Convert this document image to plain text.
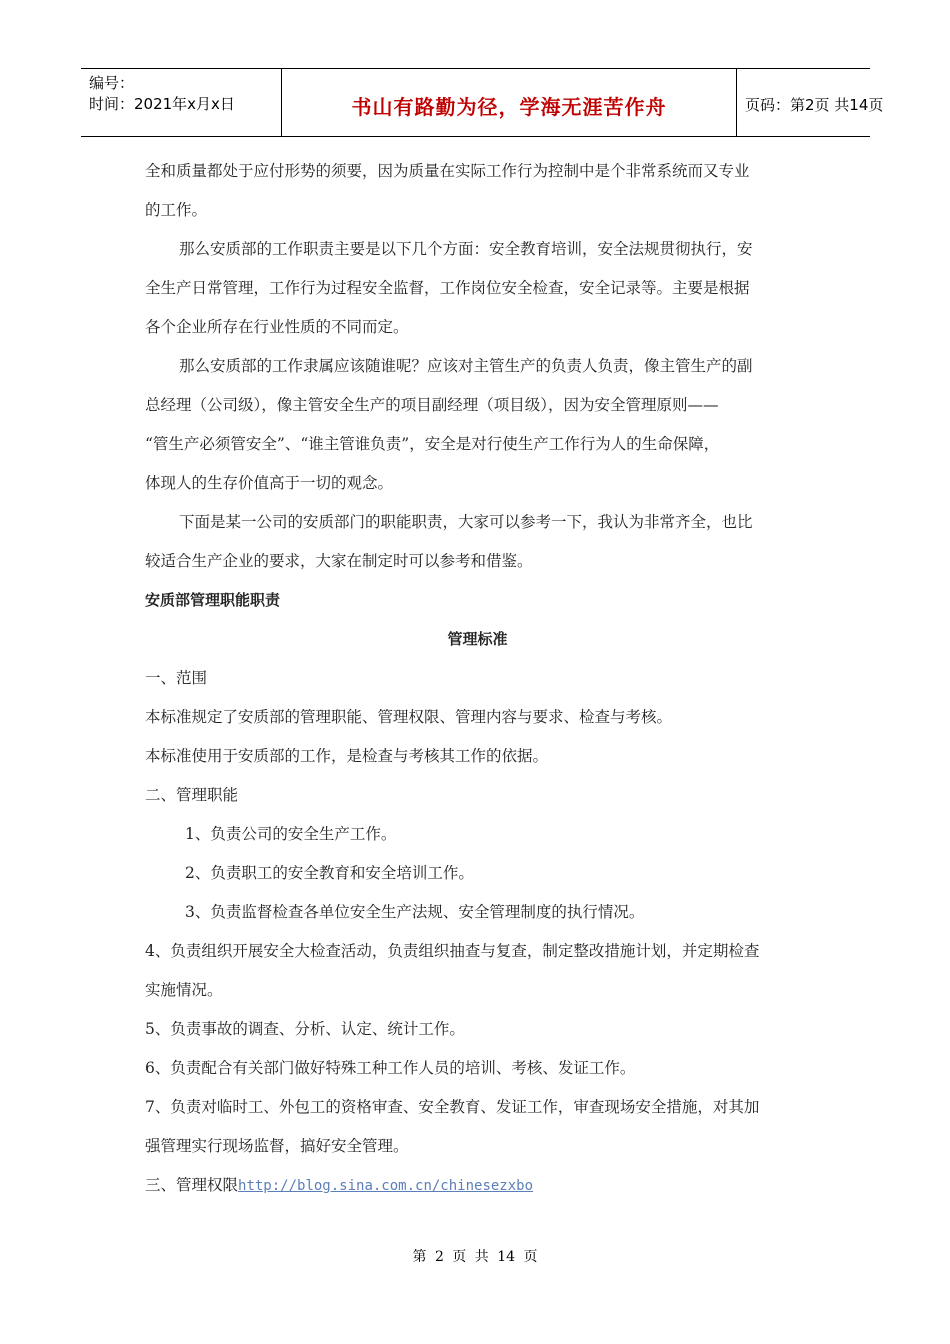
编号：
时间：2021年x月x日	书山有路勤为径，学海无涯苦作舟	页码：第2页 共14页

全和质量都处于应付形势的须要，因为质量在实际工作行为控制中是个非常系统而又专业

的工作。

那么安质部的工作职责主要是以下几个方面：安全教育培训，安全法规贯彻执行，安

全生产日常管理，工作行为过程安全监督，工作岗位安全检查，安全记录等。主要是根据

各个企业所存在行业性质的不同而定。

那么安质部的工作隶属应该随谁呢？应该对主管生产的负责人负责，像主管生产的副

总经理（公司级），像主管安全生产的项目副经理（项目级），因为安全管理原则——

“管生产必须管安全”、“谁主管谁负责”，安全是对行使生产工作行为人的生命保障，

体现人的生存价值高于一切的观念。

下面是某一公司的安质部门的职能职责，大家可以参考一下，我认为非常齐全，也比

较适合生产企业的要求，大家在制定时可以参考和借鉴。

安质部管理职能职责

管理标准

一、范围

本标准规定了安质部的管理职能、管理权限、管理内容与要求、检查与考核。

本标准使用于安质部的工作，是检查与考核其工作的依据。

二、管理职能

1、负责公司的安全生产工作。

2、负责职工的安全教育和安全培训工作。

3、负责监督检查各单位安全生产法规、安全管理制度的执行情况。

4、负责组织开展安全大检查活动，负责组织抽查与复查，制定整改措施计划，并定期检查

实施情况。

5、负责事故的调查、分析、认定、统计工作。

6、负责配合有关部门做好特殊工种工作人员的培训、考核、发证工作。

7、负责对临时工、外包工的资格审查、安全教育、发证工作，审查现场安全措施，对其加

强管理实行现场监督，搞好安全管理。

三、管理权限http://blog.sina.com.cn/chinesezxbo

第 2 页 共 14 页
